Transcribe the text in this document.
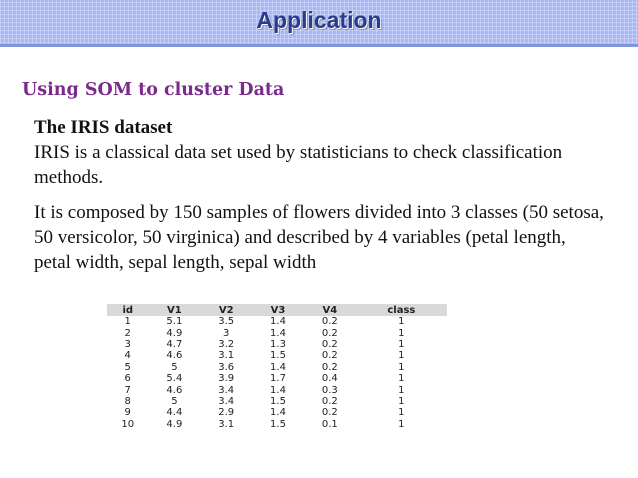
Application
Using SOM to cluster Data

The IRIS dataset

IRIS is a classical data set used by statisticians to check classification methods.

It is composed by 150 samples of flowers divided into 3 classes (50 setosa, 50 versicolor, 50 virginica) and described by 4 variables (petal length, petal width, sepal length, sepal width

id	V1	V2	V3	V4	class
1	5.1	3.5	1.4	0.2	1
2	4.9	3	1.4	0.2	1
3	4.7	3.2	1.3	0.2	1
4	4.6	3.1	1.5	0.2	1
5	5	3.6	1.4	0.2	1
6	5.4	3.9	1.7	0.4	1
7	4.6	3.4	1.4	0.3	1
8	5	3.4	1.5	0.2	1
9	4.4	2.9	1.4	0.2	1
10	4.9	3.1	1.5	0.1	1
